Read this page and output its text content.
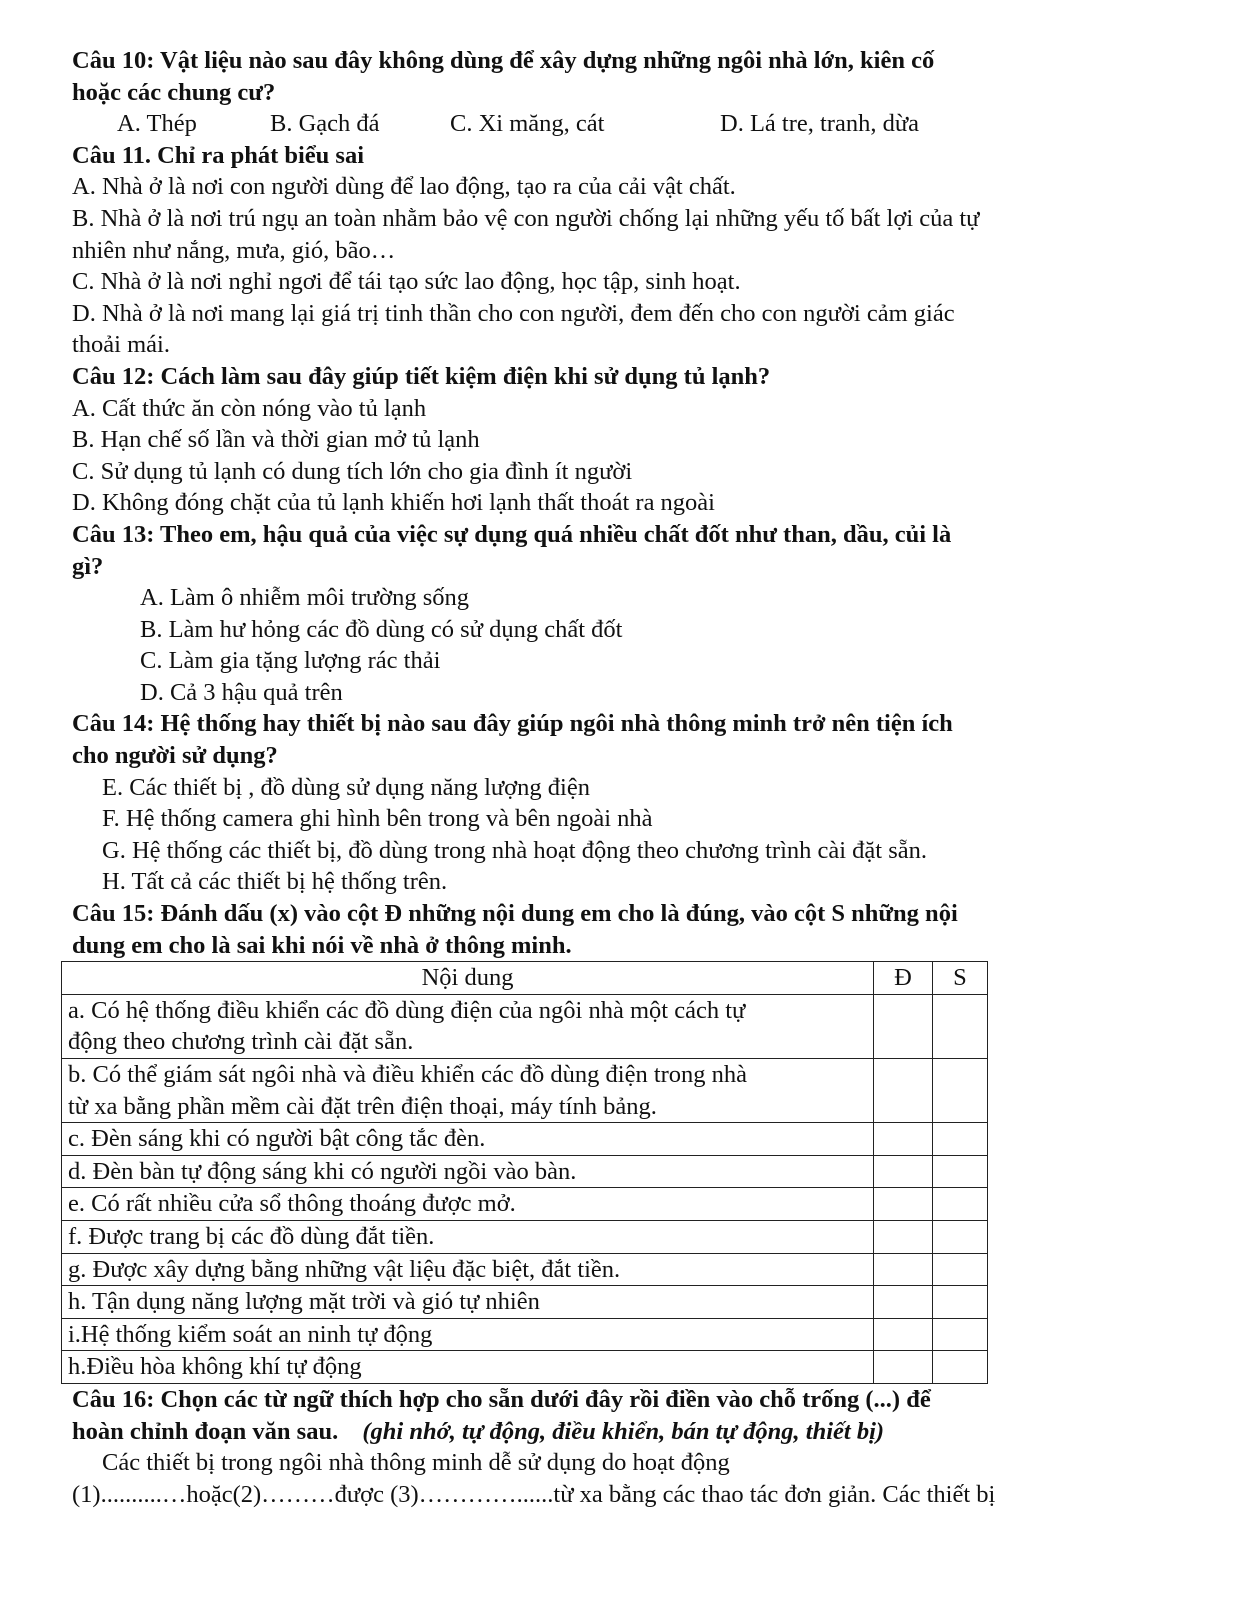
Câu 10: Vật liệu nào sau đây không dùng để xây dựng những ngôi nhà lớn, kiên cố
hoặc các chung cư?
A. Thép	B. Gạch đá	C. Xi măng, cát	D. Lá tre, tranh, dừa
Câu 11. Chỉ ra phát biểu sai
A. Nhà ở là nơi con người dùng để lao động, tạo ra của cải vật chất.
B. Nhà ở là nơi trú ngụ an toàn nhằm bảo vệ con người chống lại những yếu tố bất lợi của tự
nhiên như nắng, mưa, gió, bão…
C. Nhà ở là nơi nghỉ ngơi để tái tạo sức lao động, học tập, sinh hoạt.
D. Nhà ở là nơi mang lại giá trị tinh thần cho con người, đem đến cho con người cảm giác
thoải mái.
Câu 12: Cách làm sau đây giúp tiết kiệm điện khi sử dụng tủ lạnh?
A. Cất thức ăn còn nóng vào tủ lạnh
B. Hạn chế số lần và thời gian mở tủ lạnh
C. Sử dụng tủ lạnh có dung tích lớn cho gia đình ít người
D. Không đóng chặt của tủ lạnh khiến hơi lạnh thất thoát ra ngoài
Câu 13: Theo em, hậu quả của việc sự dụng quá nhiều chất đốt như than, dầu, củi là
gì?
A. Làm ô nhiễm môi trường sống
B. Làm hư hỏng các đồ dùng có sử dụng chất đốt
C. Làm gia tặng lượng rác thải
D. Cả 3 hậu quả trên
Câu 14: Hệ thống hay thiết bị nào sau đây giúp ngôi nhà thông minh trở nên tiện ích
cho người sử dụng?
E. Các thiết bị , đồ dùng sử dụng năng lượng điện
F. Hệ thống camera ghi hình bên trong và bên ngoài nhà
G. Hệ thống các thiết bị, đồ dùng trong nhà hoạt động theo chương trình cài đặt sẵn.
H. Tất cả các thiết bị hệ thống trên.
Câu 15: Đánh dấu (x) vào cột Đ những nội dung em cho là đúng, vào cột S những nội
dung em cho là sai khi nói về nhà ở thông minh.
Nội dung	Đ	S

a. Có hệ thống điều khiển các đồ dùng điện của ngôi nhà một cách tự
động theo chương trình cài đặt sẵn.		

b. Có thể giám sát ngôi nhà và điều khiển các đồ dùng điện trong nhà
từ xa bằng phần mềm cài đặt trên điện thoại, máy tính bảng.		

c. Đèn sáng khi có người bật công tắc đèn.		
d. Đèn bàn tự động sáng khi có người ngồi vào bàn.		
e. Có rất nhiều cửa sổ thông thoáng được mở.		
f. Được trang bị các đồ dùng đắt tiền.		
g. Được xây dựng bằng những vật liệu đặc biệt, đắt tiền.		
h. Tận dụng năng lượng mặt trời và gió tự nhiên		
i.Hệ thống kiểm soát an ninh tự động		
h.Điều hòa không khí tự động		
Câu 16: Chọn các từ ngữ thích hợp cho sẵn dưới đây rồi điền vào chỗ trống (...) để
hoàn chỉnh đoạn văn sau. (ghi nhớ, tự động, điều khiển, bán tự động, thiết bị)
Các thiết bị trong ngôi nhà thông minh dễ sử dụng do hoạt động
(1)..........…hoặc(2)………được (3)…………......từ xa bằng các thao tác đơn giản. Các thiết bị
